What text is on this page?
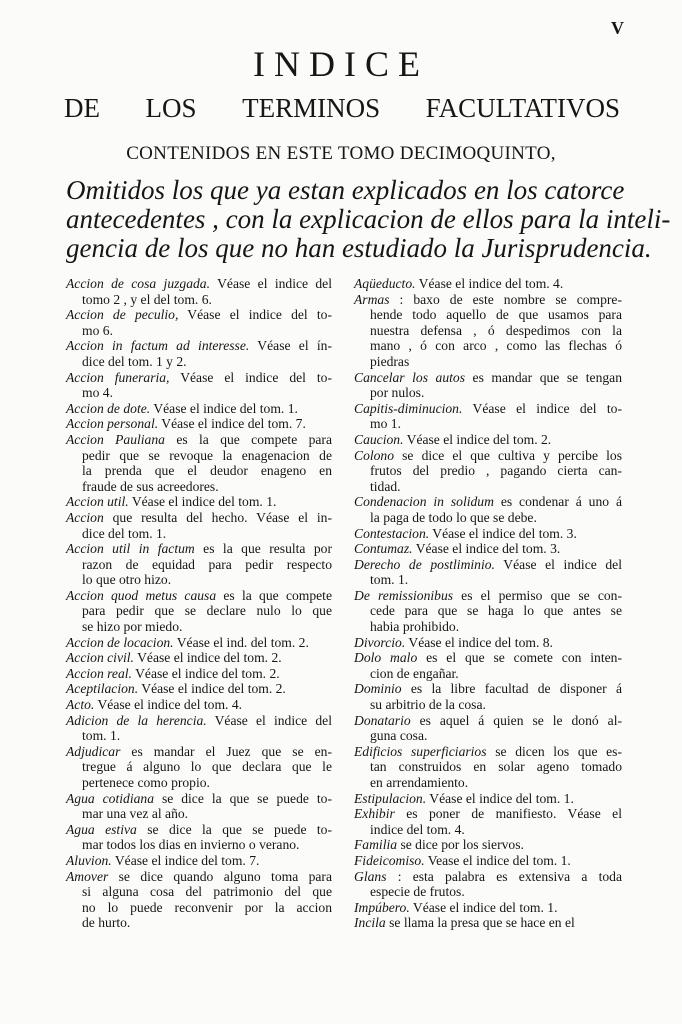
V
INDICE
DE LOS TERMINOS FACULTATIVOS
CONTENIDOS EN ESTE TOMO DECIMOQUINTO,
Omitidos los que ya estan explicados en los catorce
antecedentes , con la explicacion de ellos para la inteli-
gencia de los que no han estudiado la Jurisprudencia.
Accion de cosa juzgada. Véase el indice del
tomo 2 , y el del tom. 6.
Accion de peculio, Véase el indice del to-
mo 6.
Accion in factum ad interesse. Véase el ín-
dice del tom. 1 y 2.
Accion funeraria, Véase el indice del to-
mo 4.
Accion de dote. Véase el indice del tom. 1.
Accion personal. Véase el indice del tom. 7.
Accion Pauliana es la que compete para
pedir que se revoque la enagenacion de
la prenda que el deudor enageno en
fraude de sus acreedores.
Accion util. Véase el indice del tom. 1.
Accion que resulta del hecho. Véase el in-
dice del tom. 1.
Accion util in factum es la que resulta por
razon de equidad para pedir respecto
lo que otro hizo.
Accion quod metus causa es la que compete
para pedir que se declare nulo lo que
se hizo por miedo.
Accion de locacion. Véase el ind. del tom. 2.
Accion civil. Véase el indice del tom. 2.
Accion real. Véase el indice del tom. 2.
Aceptilacion. Véase el indice del tom. 2.
Acto. Véase el indice del tom. 4.
Adicion de la herencia. Véase el indice del
tom. 1.
Adjudicar es mandar el Juez que se en-
tregue á alguno lo que declara que le
pertenece como propio.
Agua cotidiana se dice la que se puede to-
mar una vez al año.
Agua estiva se dice la que se puede to-
mar todos los dias en invierno o verano.
Aluvion. Véase el indice del tom. 7.
Amover se dice quando alguno toma para
si alguna cosa del patrimonio del que
no lo puede reconvenir por la accion
de hurto.
Aqüeducto. Véase el indice del tom. 4.
Armas : baxo de este nombre se compre-
hende todo aquello de que usamos para
nuestra defensa , ó despedimos con la
mano , ó con arco , como las flechas ó
piedras
Cancelar los autos es mandar que se tengan
por nulos.
Capitis-diminucion. Véase el indice del to-
mo 1.
Caucion. Véase el indice del tom. 2.
Colono se dice el que cultiva y percibe los
frutos del predio , pagando cierta can-
tidad.
Condenacion in solidum es condenar á uno á
la paga de todo lo que se debe.
Contestacion. Véase el indice del tom. 3.
Contumaz. Véase el indice del tom. 3.
Derecho de postliminio. Véase el indice del
tom. 1.
De remissionibus es el permiso que se con-
cede para que se haga lo que antes se
habia prohibido.
Divorcio. Véase el indice del tom. 8.
Dolo malo es el que se comete con inten-
cion de engañar.
Dominio es la libre facultad de disponer á
su arbitrio de la cosa.
Donatario es aquel á quien se le donó al-
guna cosa.
Edificios superficiarios se dicen los que es-
tan construidos en solar ageno tomado
en arrendamiento.
Estipulacion. Véase el indice del tom. 1.
Exhibir es poner de manifiesto. Véase el
indice del tom. 4.
Familia se dice por los siervos.
Fideicomiso. Vease el indice del tom. 1.
Glans : esta palabra es extensiva a toda
especie de frutos.
Impúbero. Véase el indice del tom. 1.
Incila se llama la presa que se hace en el
